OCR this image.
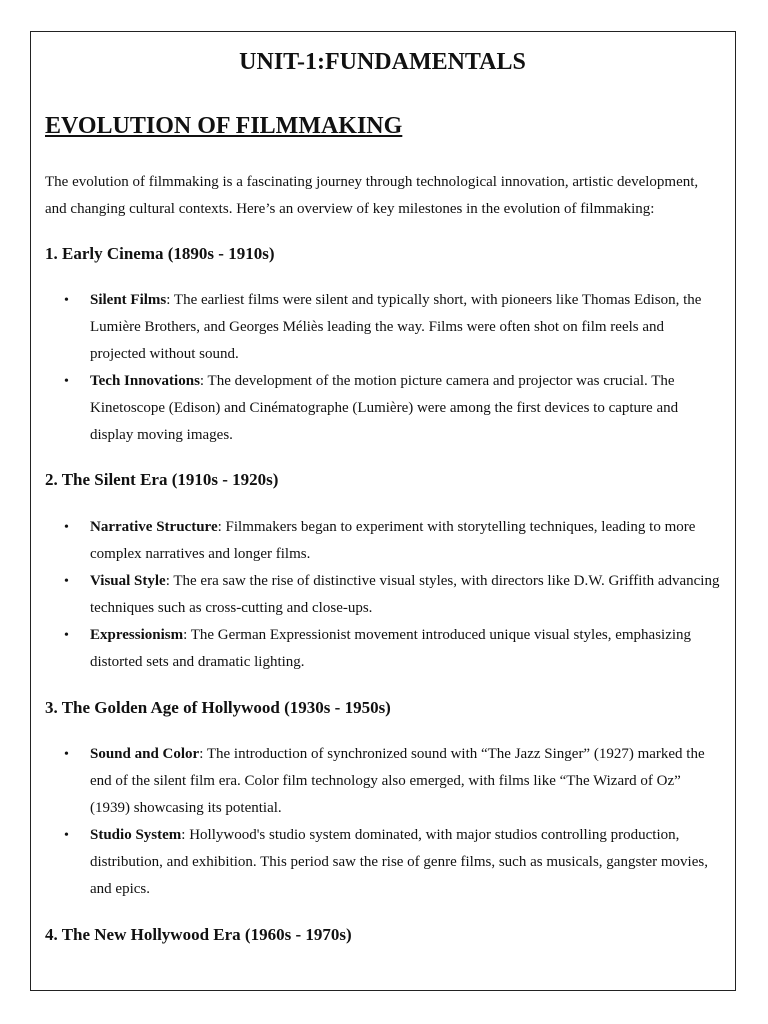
UNIT-1:FUNDAMENTALS
EVOLUTION OF FILMMAKING

The evolution of filmmaking is a fascinating journey through technological innovation, artistic development, and changing cultural contexts. Here’s an overview of key milestones in the evolution of filmmaking:

1. Early Cinema (1890s - 1910s)
• Silent Films: The earliest films were silent and typically short, with pioneers like Thomas Edison, the Lumière Brothers, and Georges Méliès leading the way. Films were often shot on film reels and projected without sound.
• Tech Innovations: The development of the motion picture camera and projector was crucial. The Kinetoscope (Edison) and Cinématographe (Lumière) were among the first devices to capture and display moving images.
2. The Silent Era (1910s - 1920s)
• Narrative Structure: Filmmakers began to experiment with storytelling techniques, leading to more complex narratives and longer films.
• Visual Style: The era saw the rise of distinctive visual styles, with directors like D.W. Griffith advancing techniques such as cross-cutting and close-ups.
• Expressionism: The German Expressionist movement introduced unique visual styles, emphasizing distorted sets and dramatic lighting.
3. The Golden Age of Hollywood (1930s - 1950s)
• Sound and Color: The introduction of synchronized sound with “The Jazz Singer” (1927) marked the end of the silent film era. Color film technology also emerged, with films like “The Wizard of Oz” (1939) showcasing its potential.
• Studio System: Hollywood's studio system dominated, with major studios controlling production, distribution, and exhibition. This period saw the rise of genre films, such as musicals, gangster movies, and epics.
4. The New Hollywood Era (1960s - 1970s)
